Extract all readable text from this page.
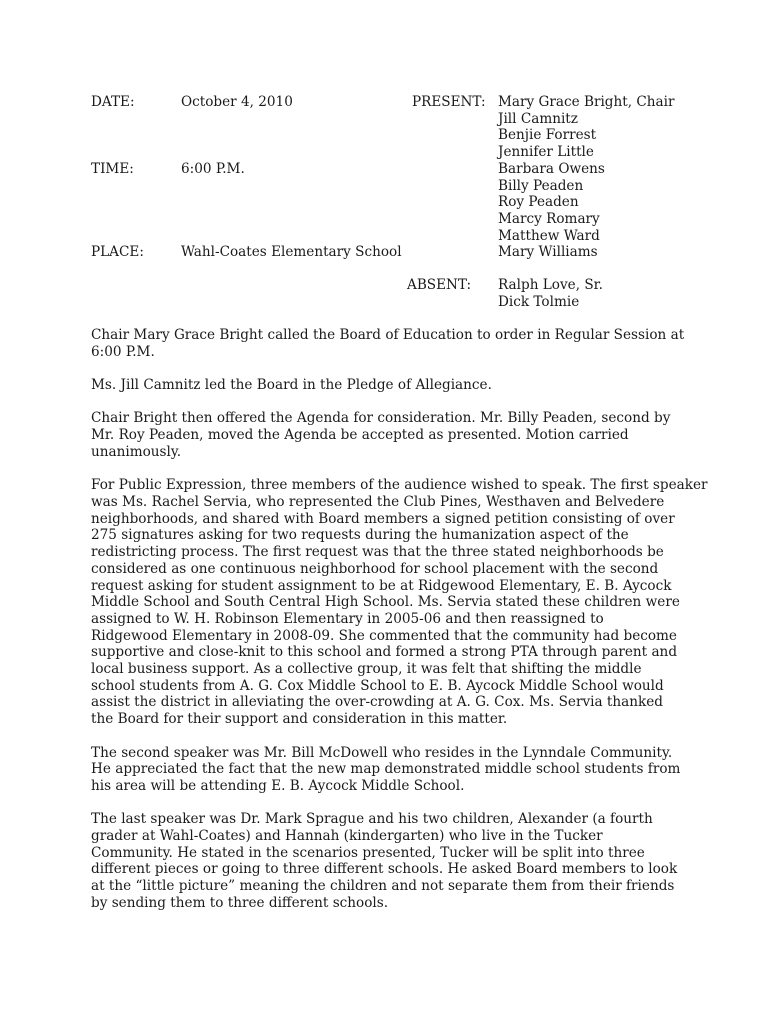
DATE:	October 4, 2010	PRESENT: Mary Grace Bright, Chair
Jill Camnitz
Benjie Forrest
Jennifer Little
Barbara Owens
Billy Peaden
Roy Peaden
Marcy Romary
Matthew Ward
Mary Williams
TIME:	6:00 P.M.
PLACE:	Wahl-Coates Elementary School
ABSENT: Ralph Love, Sr.
Dick Tolmie

Chair Mary Grace Bright called the Board of Education to order in Regular Session at
6:00 P.M.

Ms. Jill Camnitz led the Board in the Pledge of Allegiance.

Chair Bright then offered the Agenda for consideration. Mr. Billy Peaden, second by
Mr. Roy Peaden, moved the Agenda be accepted as presented. Motion carried
unanimously.

For Public Expression, three members of the audience wished to speak. The first speaker
was Ms. Rachel Servia, who represented the Club Pines, Westhaven and Belvedere
neighborhoods, and shared with Board members a signed petition consisting of over
275 signatures asking for two requests during the humanization aspect of the
redistricting process. The first request was that the three stated neighborhoods be
considered as one continuous neighborhood for school placement with the second
request asking for student assignment to be at Ridgewood Elementary, E. B. Aycock
Middle School and South Central High School. Ms. Servia stated these children were
assigned to W. H. Robinson Elementary in 2005-06 and then reassigned to
Ridgewood Elementary in 2008-09. She commented that the community had become
supportive and close-knit to this school and formed a strong PTA through parent and
local business support. As a collective group, it was felt that shifting the middle
school students from A. G. Cox Middle School to E. B. Aycock Middle School would
assist the district in alleviating the over-crowding at A. G. Cox. Ms. Servia thanked
the Board for their support and consideration in this matter.

The second speaker was Mr. Bill McDowell who resides in the Lynndale Community.
He appreciated the fact that the new map demonstrated middle school students from
his area will be attending E. B. Aycock Middle School.

The last speaker was Dr. Mark Sprague and his two children, Alexander (a fourth
grader at Wahl-Coates) and Hannah (kindergarten) who live in the Tucker
Community. He stated in the scenarios presented, Tucker will be split into three
different pieces or going to three different schools. He asked Board members to look
at the “little picture” meaning the children and not separate them from their friends
by sending them to three different schools.
